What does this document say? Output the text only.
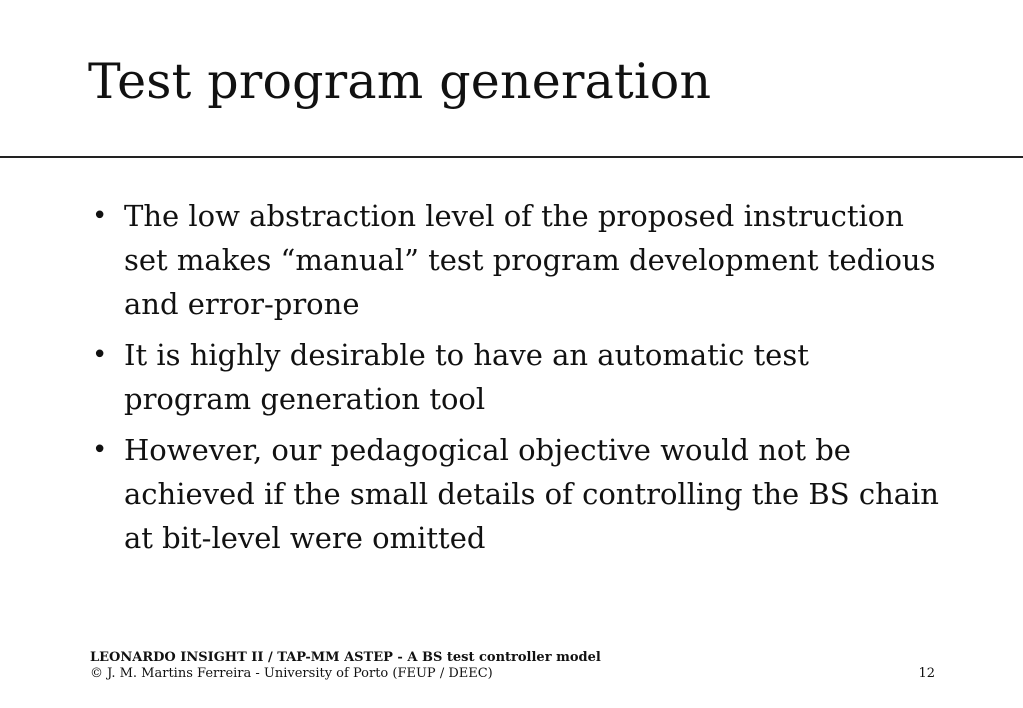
Test program generation
• The low abstraction level of the proposed instruction set makes “manual” test program development tedious and error-prone
• It is highly desirable to have an automatic test program generation tool
• However, our pedagogical objective would not be achieved if the small details of controlling the BS chain at bit-level were omitted
LEONARDO INSIGHT II / TAP-MM ASTEP - A BS test controller model
© J. M. Martins Ferreira - University of Porto (FEUP / DEEC)	12
